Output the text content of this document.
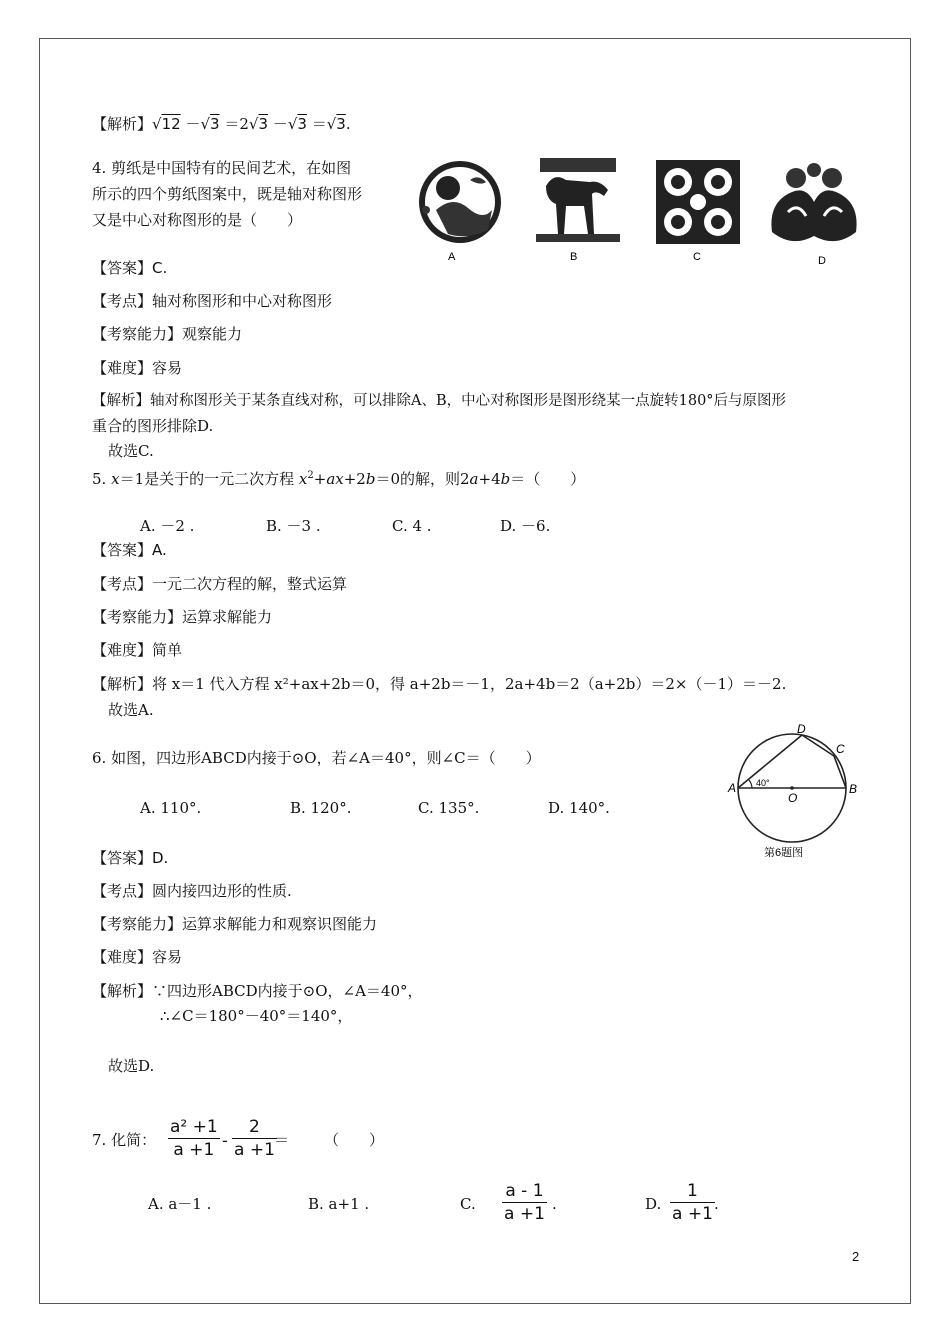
【解析】√12 －√3 ＝2√3 －√3 ＝√3.
4. 剪纸是中国特有的民间艺术，在如图
所示的四个剪纸图案中，既是轴对称图形
又是中心对称图形的是（　　）
A	B	C	D
【答案】C.
【考点】轴对称图形和中心对称图形
【考察能力】观察能力
【难度】容易
【解析】轴对称图形关于某条直线对称，可以排除A、B，中心对称图形是图形绕某一点旋转180°后与原图形
重合的图形排除D.
故选C.
5. x＝1是关于的一元二次方程 $x^2+ax+2b=0$的解，则2a+4b＝（　　）
A. －2 .	B. －3 .	C. 4 .	D. －6.
【答案】A.
【考点】一元二次方程的解，整式运算
【考察能力】运算求解能力
【难度】简单
【解析】将 x＝1 代入方程 x²+ax+2b＝0，得 a+2b＝－1，2a+4b＝2（a+2b）＝2×（－1）＝－2.
故选A.
6. 如图，四边形ABCD内接于⊙O，若∠A＝40°，则∠C＝（　　）
A. 110°.	B. 120°.	C. 135°.	D. 140°.
A	B
C
D
O
40°
第6题图
【答案】D.
【考点】圆内接四边形的性质.
【考察能力】运算求解能力和观察识图能力
【难度】容易
【解析】∵四边形ABCD内接于⊙O，∠A＝40°，
∴∠C＝180°－40°＝140°，
故选D.
7. 化简： $\frac{\text{a² +1}}{a +1} - \frac{2}{a +1}$
＝ （　　）
A. a－1 .	B. a+1 .	C. $\frac{a - 1}{a +1}$ .	D. $\frac{1}{a +1}$ .
2
